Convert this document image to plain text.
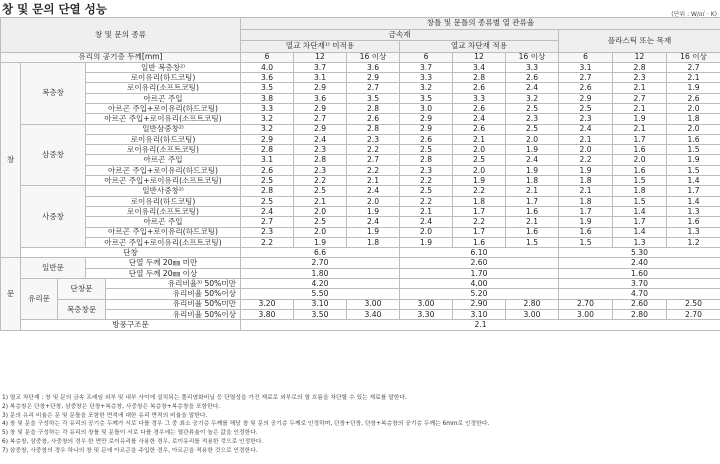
창 및 문의 단열 성능	(단위 : W/㎡ · K)
창 및 문의 종류					창틀 및 문틀의 종류별 열 관류율								
					금속재						플라스틱 또는 목재		
					열교 차단재¹⁾ 미적용			열교 차단재 적용					
유리의 공기층 두께[mm]					6	12	16 이상	6	12	16 이상	6	12	16 이상
창	복층창		일반 복층창²⁾		4.0	3.7	3.6	3.7	3.4	3.3	3.1	2.8	2.7
			로이유리(하드코팅)		3.6	3.1	2.9	3.3	2.8	2.6	2.7	2.3	2.1
			로이유리(소프트코팅)		3.5	2.9	2.7	3.2	2.6	2.4	2.6	2.1	1.9
			아르곤 주입		3.8	3.6	3.5	3.5	3.3	3.2	2.9	2.7	2.6
			아르곤 주입+로이유리(하드코팅)		3.3	2.9	2.8	3.0	2.6	2.5	2.5	2.1	2.0
			아르곤 주입+로이유리(소프트코팅)		3.2	2.7	2.6	2.9	2.4	2.3	2.3	1.9	1.8
	삼중창		일반삼중창²⁾		3.2	2.9	2.8	2.9	2.6	2.5	2.4	2.1	2.0
			로이유리(하드코팅)		2.9	2.4	2.3	2.6	2.1	2.0	2.1	1.7	1.6
			로이유리(소프트코팅)		2.8	2.3	2.2	2.5	2.0	1.9	2.0	1.6	1.5
			아르곤 주입		3.1	2.8	2.7	2.8	2.5	2.4	2.2	2.0	1.9
			아르곤 주입+로이유리(하드코팅)		2.6	2.3	2.2	2.3	2.0	1.9	1.9	1.6	1.5
			아르곤 주입+로이유리(소프트코팅)		2.5	2.2	2.1	2.2	1.9	1.8	1.8	1.5	1.4
	사중창		일반사중창²⁾		2.8	2.5	2.4	2.5	2.2	2.1	2.1	1.8	1.7
			로이유리(하드코팅)		2.5	2.1	2.0	2.2	1.8	1.7	1.8	1.5	1.4
			로이유리(소프트코팅)		2.4	2.0	1.9	2.1	1.7	1.6	1.7	1.4	1.3
			아르곤 주입		2.7	2.5	2.4	2.4	2.2	2.1	1.9	1.7	1.6
			아르곤 주입+로이유리(하드코팅)		2.3	2.0	1.9	2.0	1.7	1.6	1.6	1.4	1.3
			아르곤 주입+로이유리(소프트코팅)		2.2	1.9	1.8	1.9	1.6	1.5	1.5	1.3	1.2
	단창				6.6			6.10			5.30		
문	일반문		단열 두께 20㎜ 미만		2.70			2.60			2.40		
			단열 두께 20㎜ 이상		1.80			1.70			1.60		
	유리문	단창문		유리비율³⁾ 50%미만	4.20			4.00			3.70		
				유리비율 50%이상	5.50			5.20			4.70		
		복층창문		유리비율 50%미만	3.20	3.10	3.00	3.00	2.90	2.80	2.70	2.60	2.50
				유리비율 50%이상	3.80	3.50	3.40	3.30	3.10	3.00	3.00	2.80	2.70
	방풍구조문				2.1								
1) 열교 차단재 : 창 및 문의 금속 프레임 외부 및 내부 사이에 설치되는 폴리염화비닐 등 단열성을 가진 재료로 외부로의 열 흐름을 차단할 수 있는 재료를 말한다.
2) 복층창은 단창+단창, 삼중창은 단창+복층창, 사중창은 복층창+복층창을 포함한다.
3) 문의 유리 비율은 문 및 문틀을 포함한 면적에 대한 유리 면적의 비율을 말한다.
4) 창 및 문을 구성하는 각 유리의 공기층 두께가 서로 다를 경우 그 중 최소 공기층 두께를 해당 창 및 문의 공기층 두께로 인정하며, 단창+단창, 단창+복층창의 공기층 두께는 6mm로 인정한다.
5) 창 및 문을 구성하는 각 유리의 창틀 및 문틀이 서로 다를 경우에는 열관류율이 높은 값을 인정한다.
6) 복층창, 삼중창, 사중창의 경우 한 면만 로이유리를 사용한 경우, 로이유리를 적용한 것으로 인정한다.
7) 삼중창, 사중창의 경우 하나의 창 및 문에 아르곤을 주입한 경우, 아르곤을 적용한 것으로 인정한다.
